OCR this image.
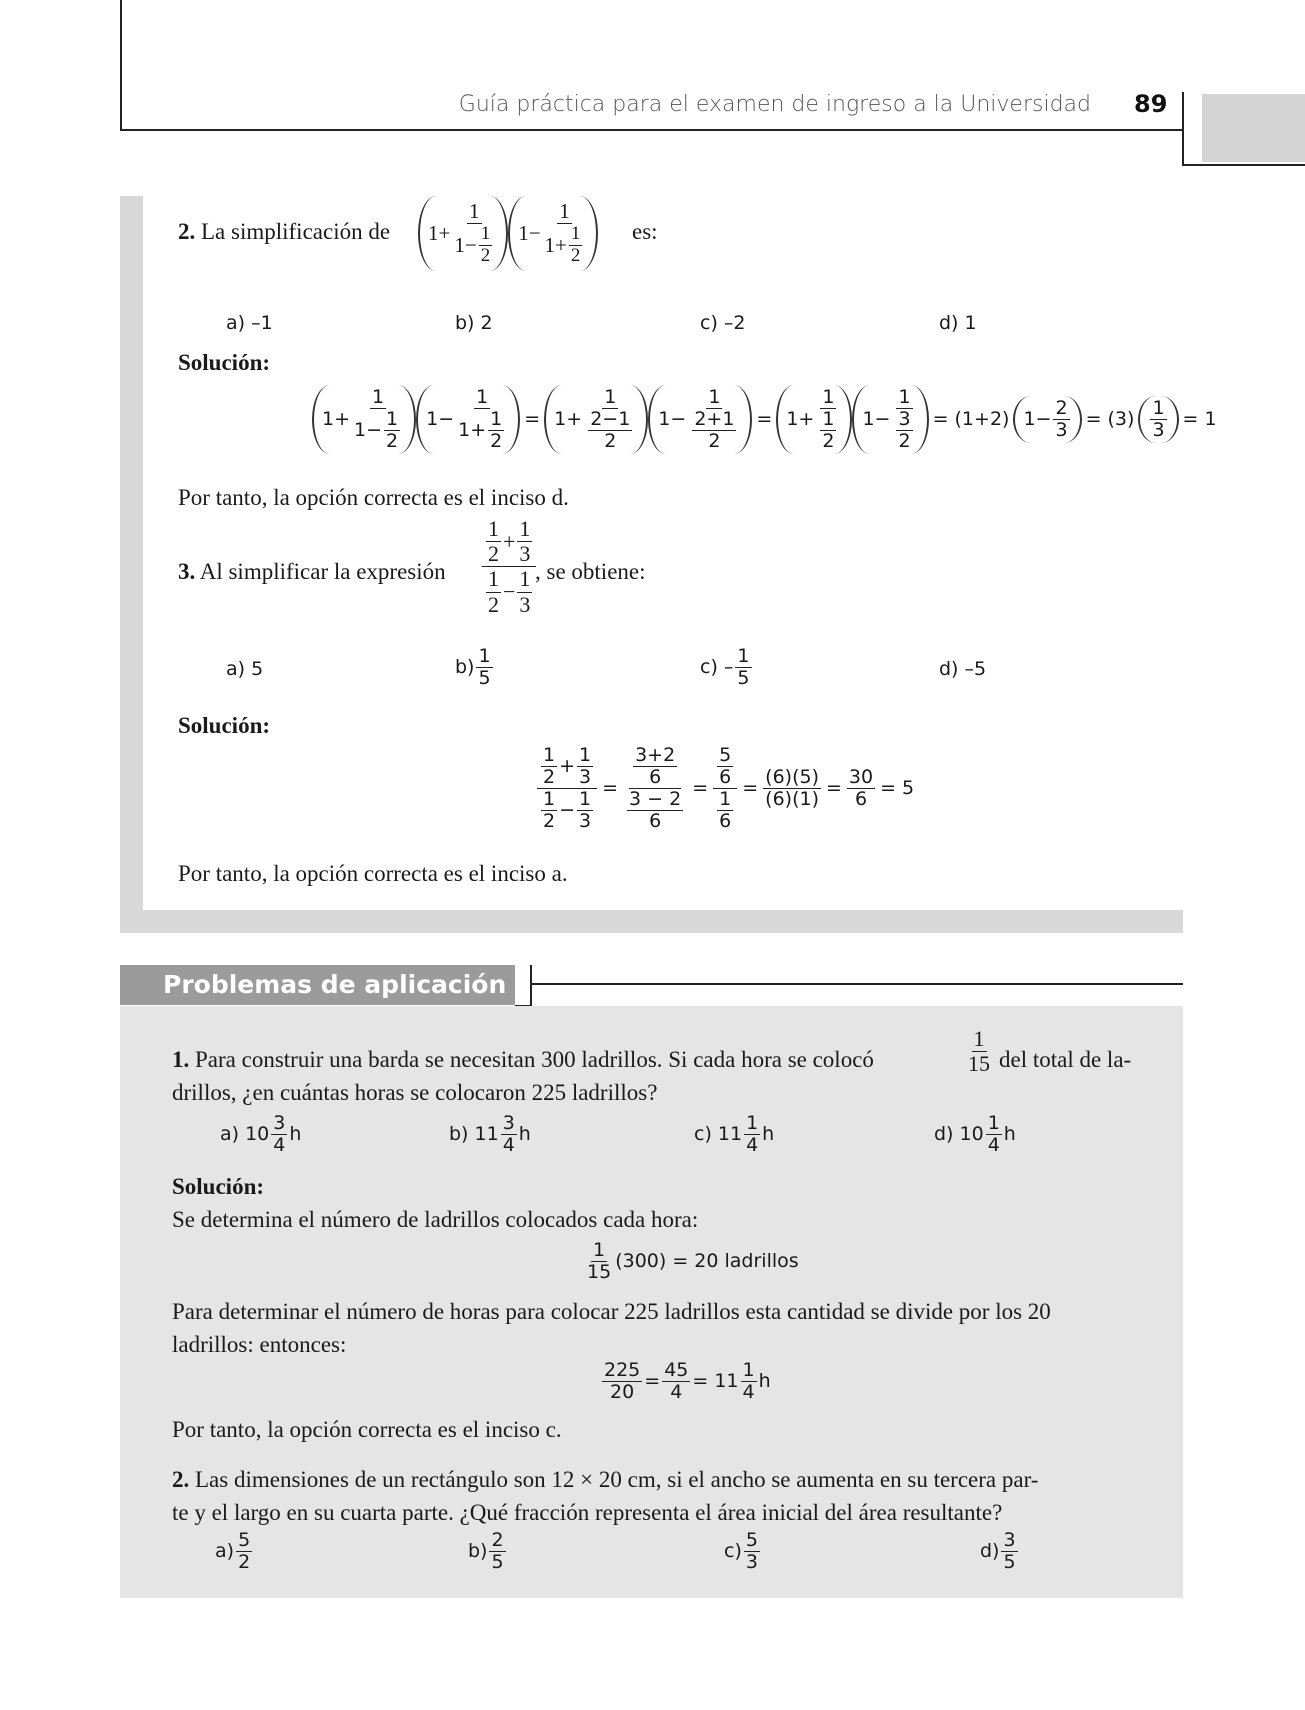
Guía práctica para el examen de ingreso a la Universidad 89
2. La simplificación de 1+
1
1− 1
2
1−
1
1+ 1
2
es:
a) –1	b) 2	c) –2	d) 1
Solución:
1+
1
1− 1
2
1−
1
1+ 1
2
= 1+
1
$\frac{2-1}{2} 1-$
1
$\frac{2+1}{2} = 1+$
1
$\frac{1}{2} 1-$
1
$\frac{3}{2} = (1+2)$ 1−
2
$3 = (3) \frac{1}{3} = 1$
Por tanto, la opción correcta es el inciso d.
3. Al simplificar la expresión 1
2
+
1
3
1
2
−
1
3
, se obtiene:
a) 5	b)
1
5	c) –
1
5	d) –5
Solución:
1
2 + 1
3
1
2 − 1
$3 = \frac{\frac{3+2}{6}}{\frac{3 - 2}{6}} = \frac{\frac{5}{6}}{\frac{1}{6}} = \frac{(6)(5)}{(6)(1)} = \frac{30}{6} = 5$
Por tanto, la opción correcta es el inciso a.
Problemas de aplicación
1. Para construir una barda se necesitan 300 ladrillos. Si cada hora se colocó	$\frac{1}{15}$ del total de la-
drillos, ¿en cuántas horas se colocaron 225 ladrillos?
a) 10
3
4 h	b) 11
3
4 h	c) 11
1
4 h	d) 10
1
4 h
Solución:
Se determina el número de ladrillos colocados cada hora:
1
15 (300) = 20 ladrillos
Para determinar el número de horas para colocar 225 ladrillos esta cantidad se divide por los 20
ladrillos: entonces:
225
20 =
45
4 = 11
1
4 h
Por tanto, la opción correcta es el inciso c.
2. Las dimensiones de un rectángulo son 12 × 20 cm, si el ancho se aumenta en su tercera par-
te y el largo en su cuarta parte. ¿Qué fracción representa el área inicial del área resultante?
a)
5
2	b)
2
5	c)
5
3	d)
3
5
